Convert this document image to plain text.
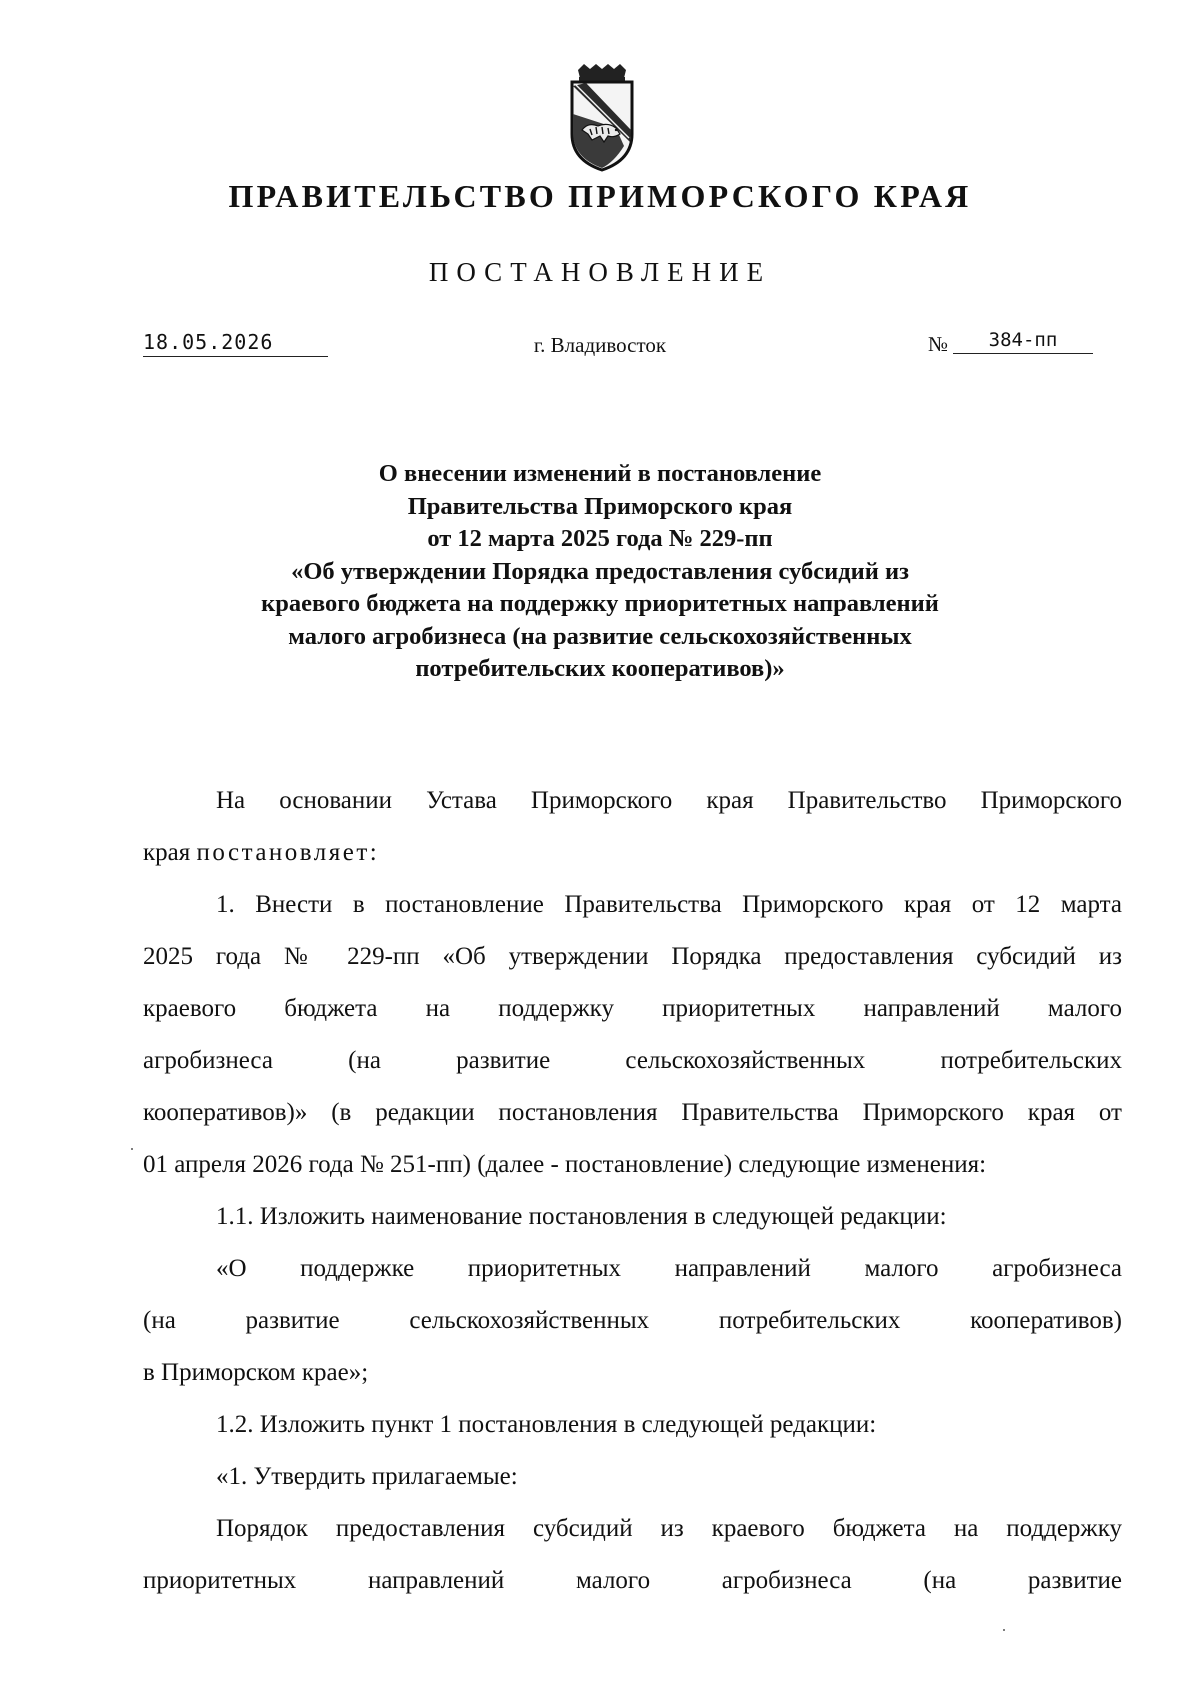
ПРАВИТЕЛЬСТВО ПРИМОРСКОГО КРАЯ
ПОСТАНОВЛЕНИЕ
18.05.2026	г. Владивосток	№	384-пп
О внесении изменений в постановление
Правительства Приморского края
от 12 марта 2025 года № 229-пп
«Об утверждении Порядка предоставления субсидий из
краевого бюджета на поддержку приоритетных направлений
малого агробизнеса (на развитие сельскохозяйственных
потребительских кооперативов)»
На основании Устава Приморского края Правительство Приморского
края постановляет:
1. Внести в постановление Правительства Приморского края от 12 марта
2025 года № 229-пп «Об утверждении Порядка предоставления субсидий из
краевого бюджета на поддержку приоритетных направлений малого
агробизнеса (на развитие сельскохозяйственных потребительских
кооперативов)» (в редакции постановления Правительства Приморского края от
01 апреля 2026 года № 251-пп) (далее - постановление) следующие изменения:
1.1. Изложить наименование постановления в следующей редакции:
«О поддержке приоритетных направлений малого агробизнеса
(на развитие сельскохозяйственных потребительских кооперативов)
в Приморском крае»;
1.2. Изложить пункт 1 постановления в следующей редакции:
«1. Утвердить прилагаемые:
Порядок предоставления субсидий из краевого бюджета на поддержку
приоритетных направлений малого агробизнеса (на развитие
